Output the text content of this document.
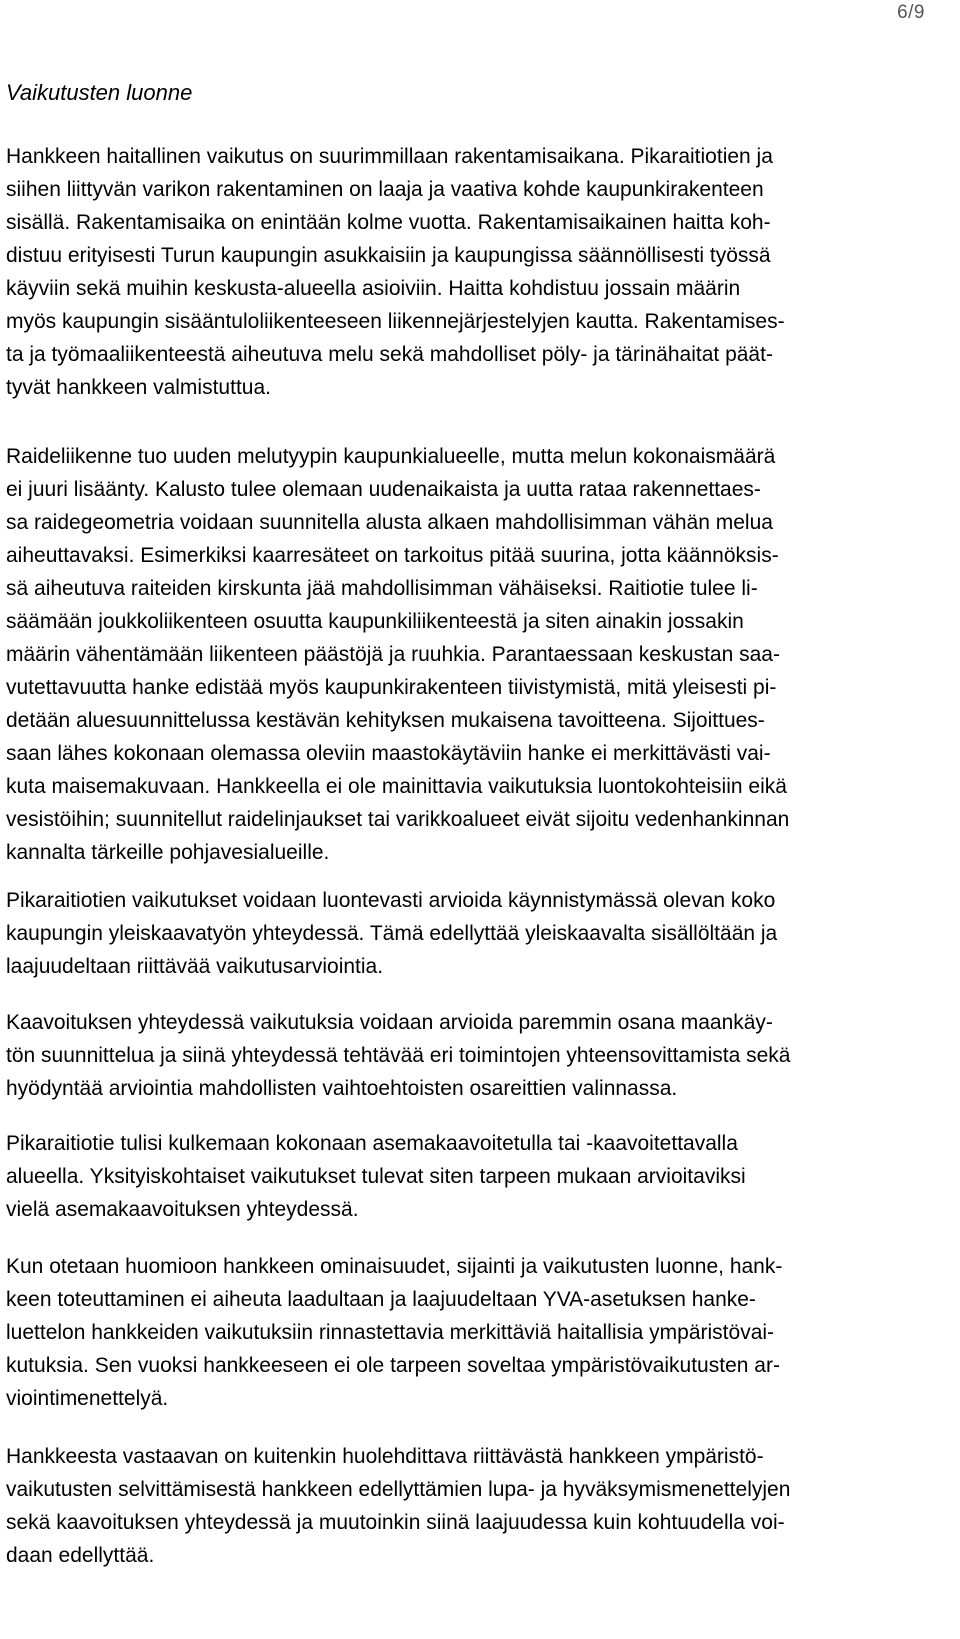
6/9
Vaikutusten luonne

Hankkeen haitallinen vaikutus on suurimmillaan rakentamisaikana. Pikaraitiotien ja
siihen liittyvän varikon rakentaminen on laaja ja vaativa kohde kaupunkirakenteen
sisällä. Rakentamisaika on enintään kolme vuotta. Rakentamisaikainen haitta koh-
distuu erityisesti Turun kaupungin asukkaisiin ja kaupungissa säännöllisesti työssä
käyviin sekä muihin keskusta-alueella asioiviin. Haitta kohdistuu jossain määrin
myös kaupungin sisääntuloliikenteeseen liikennejärjestelyjen kautta. Rakentamises-
ta ja työmaaliikenteestä aiheutuva melu sekä mahdolliset pöly- ja tärinähaitat päät-
tyvät hankkeen valmistuttua.

Raideliikenne tuo uuden melutyypin kaupunkialueelle, mutta melun kokonaismäärä
ei juuri lisäänty. Kalusto tulee olemaan uudenaikaista ja uutta rataa rakennettaes-
sa raidegeometria voidaan suunnitella alusta alkaen mahdollisimman vähän melua
aiheuttavaksi. Esimerkiksi kaarresäteet on tarkoitus pitää suurina, jotta käännöksis-
sä aiheutuva raiteiden kirskunta jää mahdollisimman vähäiseksi. Raitiotie tulee li-
säämään joukkoliikenteen osuutta kaupunkiliikenteestä ja siten ainakin jossakin
määrin vähentämään liikenteen päästöjä ja ruuhkia. Parantaessaan keskustan saa-
vutettavuutta hanke edistää myös kaupunkirakenteen tiivistymistä, mitä yleisesti pi-
detään aluesuunnittelussa kestävän kehityksen mukaisena tavoitteena. Sijoittues-
saan lähes kokonaan olemassa oleviin maastokäytäviin hanke ei merkittävästi vai-
kuta maisemakuvaan. Hankkeella ei ole mainittavia vaikutuksia luontokohteisiin eikä
vesistöihin; suunnitellut raidelinjaukset tai varikkoalueet eivät sijoitu vedenhankinnan
kannalta tärkeille pohjavesialueille.

Pikaraitiotien vaikutukset voidaan luontevasti arvioida käynnistymässä olevan koko
kaupungin yleiskaavatyön yhteydessä. Tämä edellyttää yleiskaavalta sisällöltään ja
laajuudeltaan riittävää vaikutusarviointia.

Kaavoituksen yhteydessä vaikutuksia voidaan arvioida paremmin osana maankäy-
tön suunnittelua ja siinä yhteydessä tehtävää eri toimintojen yhteensovittamista sekä
hyödyntää arviointia mahdollisten vaihtoehtoisten osareittien valinnassa.

Pikaraitiotie tulisi kulkemaan kokonaan asemakaavoitetulla tai -kaavoitettavalla
alueella. Yksityiskohtaiset vaikutukset tulevat siten tarpeen mukaan arvioitaviksi
vielä asemakaavoituksen yhteydessä.

Kun otetaan huomioon hankkeen ominaisuudet, sijainti ja vaikutusten luonne, hank-
keen toteuttaminen ei aiheuta laadultaan ja laajuudeltaan YVA-asetuksen hanke-
luettelon hankkeiden vaikutuksiin rinnastettavia merkittäviä haitallisia ympäristövai-
kutuksia. Sen vuoksi hankkeeseen ei ole tarpeen soveltaa ympäristövaikutusten ar-
viointimenettelyä.

Hankkeesta vastaavan on kuitenkin huolehdittava riittävästä hankkeen ympäristö-
vaikutusten selvittämisestä hankkeen edellyttämien lupa- ja hyväksymismenettelyjen
sekä kaavoituksen yhteydessä ja muutoinkin siinä laajuudessa kuin kohtuudella voi-
daan edellyttää.
